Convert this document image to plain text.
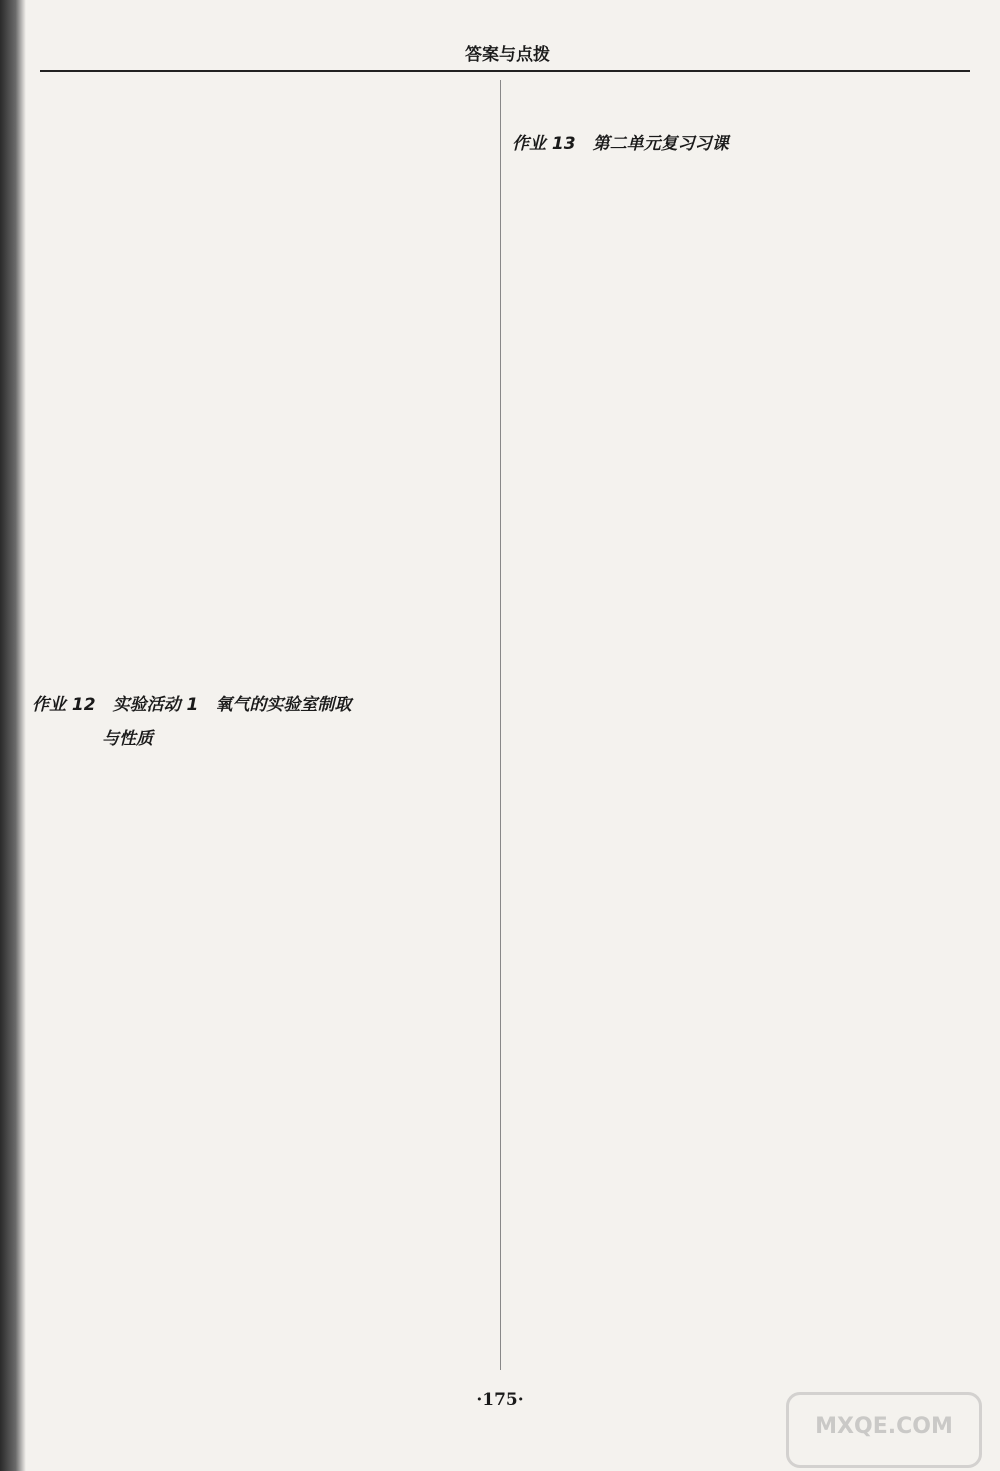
答案与点拨
作业 12　实验活动 1　氧气的实验室制取
与性质
作业 13　第二单元复习习课
·175·
MXQE.COM
